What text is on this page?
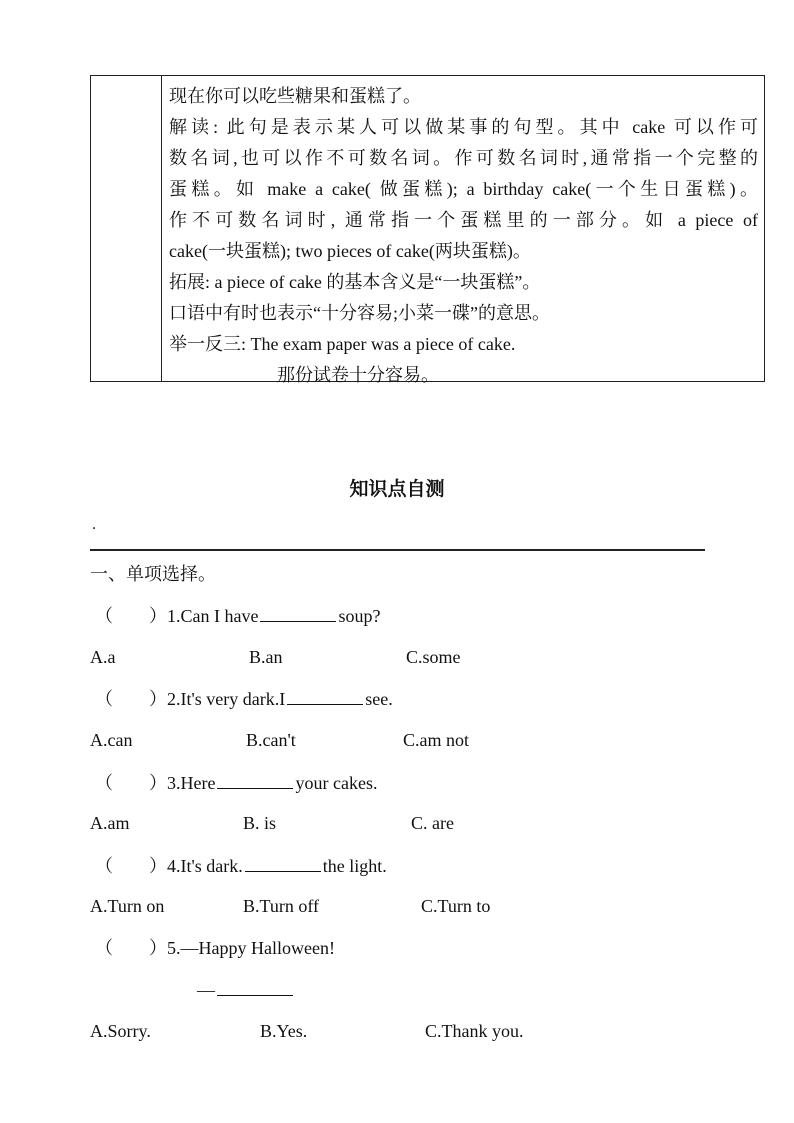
现在你可以吃些糖果和蛋糕了。
解读: 此句是表示某人可以做某事的句型。其中 cake 可以作可
数名词,也可以作不可数名词。作可数名词时,通常指一个完整的
蛋糕。如 make a cake( 做蛋糕); a birthday cake(一个生日蛋糕)。
作不可数名词时, 通常指一个蛋糕里的一部分。如 a piece of
cake(一块蛋糕); two pieces of cake(两块蛋糕)。
拓展: a piece of cake 的基本含义是“一块蛋糕”。
口语中有时也表示“十分容易;小菜一碟”的意思。
举一反三: The exam paper was a piece of cake.
那份试卷十分容易。
知识点自测
.
一、单项选择。
（　　）1.Can I have	soup?
A.a	B.an	C.some
（　　）2.It's very dark.I	see.
A.can	B.can't	C.am not
（　　）3.Here	your cakes.
A.am	B. is	C. are
（　　）4.It's dark.	the light.
A.Turn on	B.Turn off	C.Turn to
（　　）5.—Happy Halloween!
—
A.Sorry.	B.Yes.	C.Thank you.
